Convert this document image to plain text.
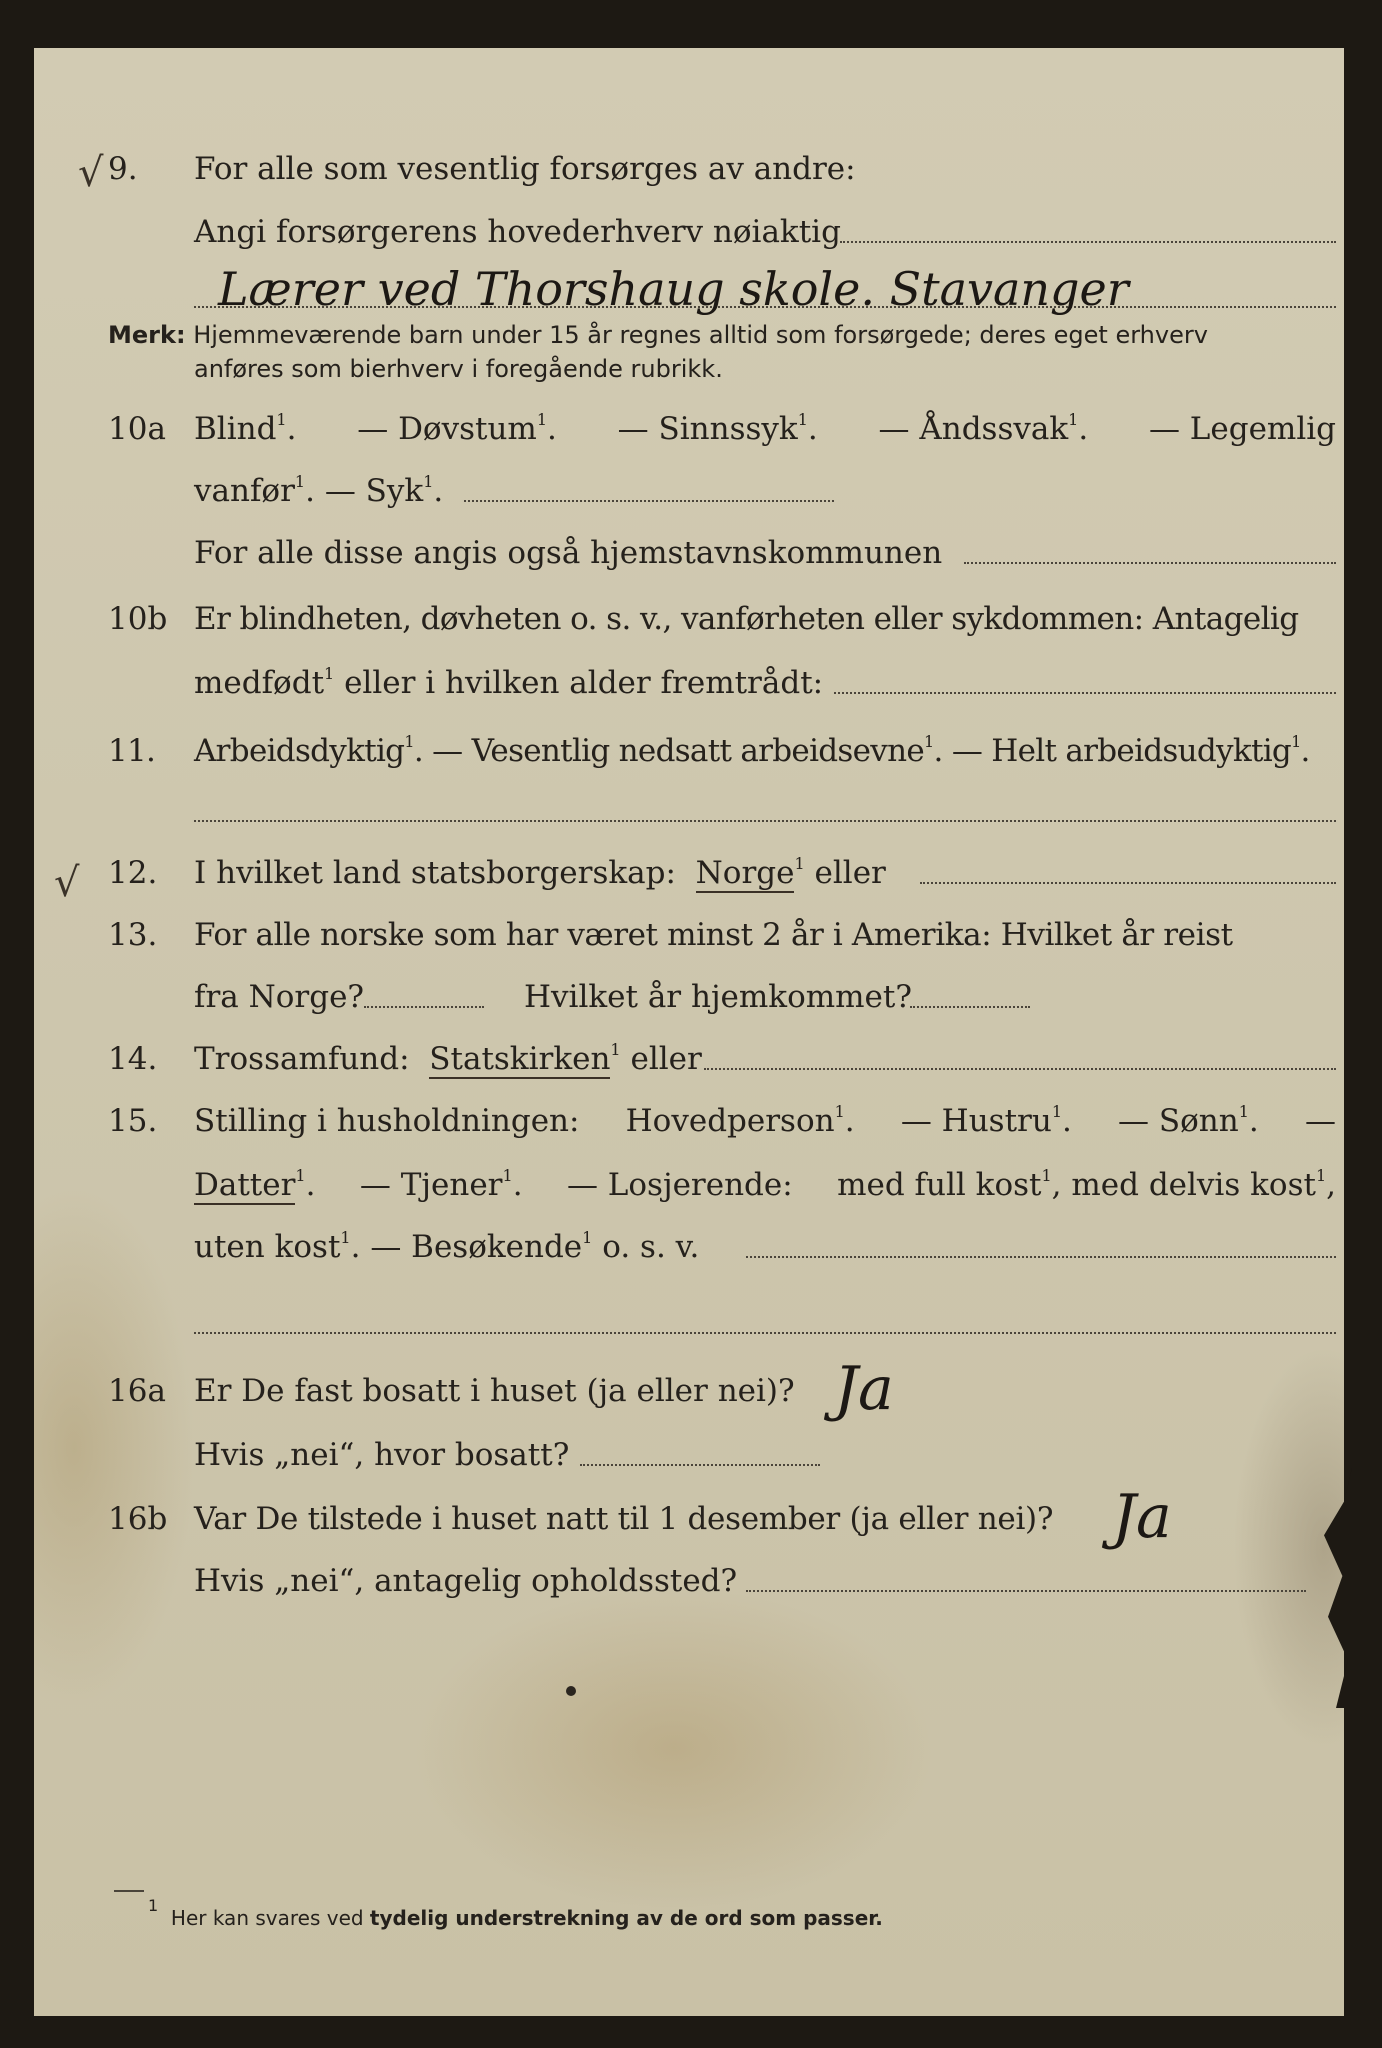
√ 9. For alle som vesentlig forsørges av andre:
Angi forsørgerens hovederhverv nøiaktig
Lærer ved Thorshaug skole. Stavanger
Merk: Hjemmeværende barn under 15 år regnes alltid som forsørgede; deres eget erhverv
anføres som bierhverv i foregående rubrikk.
10a Blind$^1$. — Døvstum$^1$. — Sinnssyk$^1$. — Åndssvak$^1$. — Legemlig
vanfør$^1$. — Syk$^1$.
For alle disse angis også hjemstavnskommunen
10b Er blindheten, døvheten o. s. v., vanførheten eller sykdommen: Antagelig
medfødt$^1$ eller i hvilken alder fremtrådt:
11. Arbeidsdyktig$^1$. — Vesentlig nedsatt arbeidsevne$^1$. — Helt arbeidsudyktig$^1$.
√ 12. I hvilket land statsborgerskap: Norge$^1$ eller
13. For alle norske som har været minst 2 år i Amerika: Hvilket år reist
fra Norge?	Hvilket år hjemkommet?
14. Trossamfund: Statskirken$^1$ eller
15. Stilling i husholdningen: Hovedperson$^1$. — Hustru$^1$. — Sønn$^1$. —
Datter$^1$. — Tjener$^1$. — Losjerende: med full kost$^1$, med delvis kost$^1$,
uten kost$^1$. — Besøkende$^1$ o. s. v.
16a Er De fast bosatt i huset (ja eller nei)? Ja
Hvis „nei“, hvor bosatt?
16b Var De tilstede i huset natt til 1 desember (ja eller nei)? Ja
Hvis „nei“, antagelig opholdssted?
$^1$  Her kan svares ved tydelig understrekning av de ord som passer.
